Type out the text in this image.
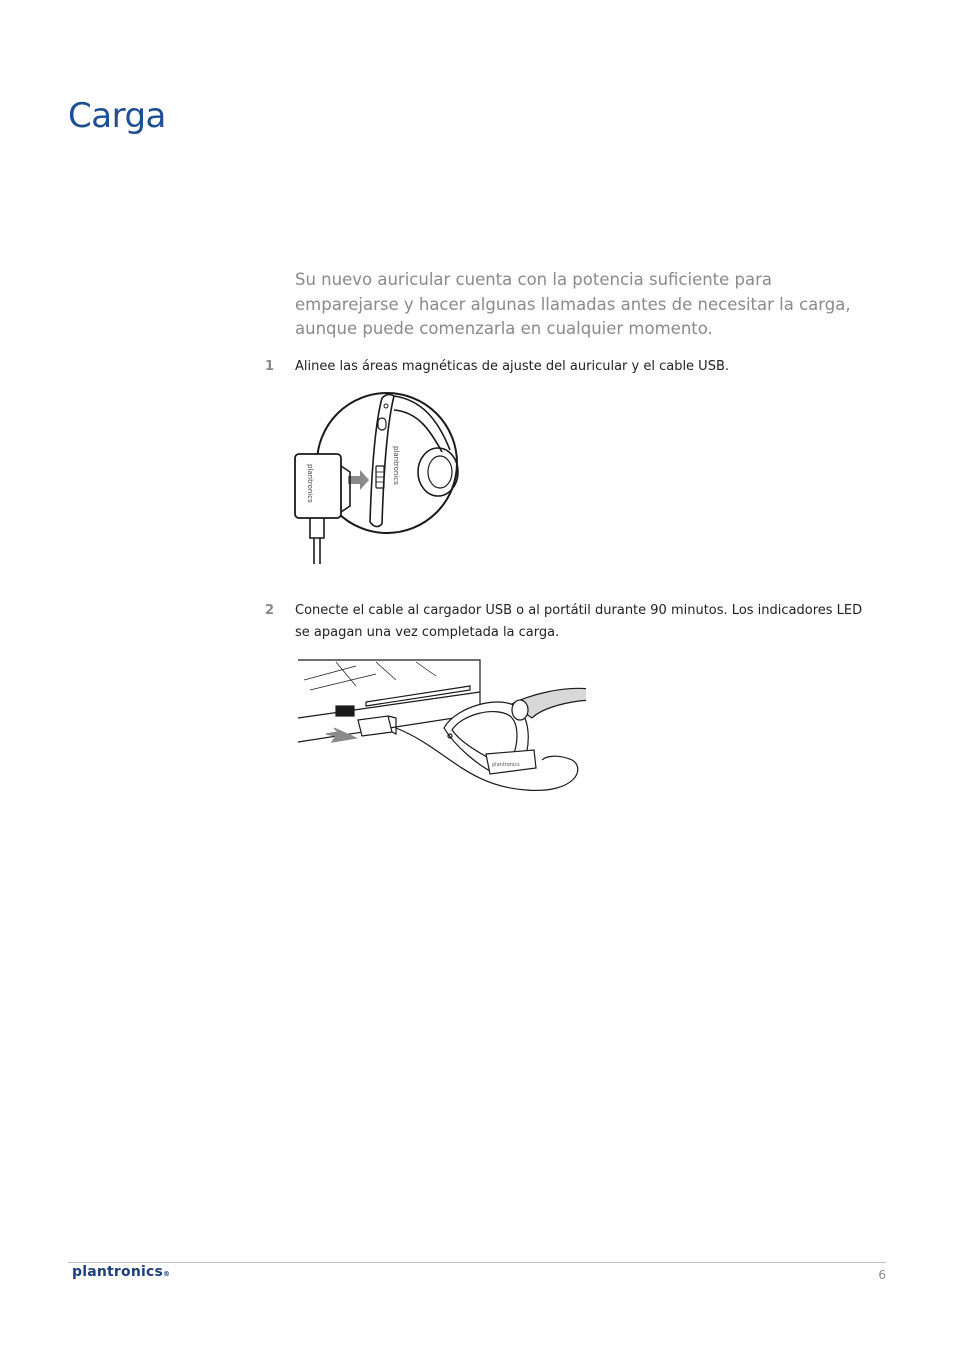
Carga

Su nuevo auricular cuenta con la potencia suficiente para emparejarse y hacer algunas llamadas antes de necesitar la carga, aunque puede comenzarla en cualquier momento.

1 Alinee las áreas magnéticas de ajuste del auricular y el cable USB.
plantronics
plantronics
2 Conecte el cable al cargador USB o al portátil durante 90 minutos. Los indicadores LED se apagan una vez completada la carga.
plantronics
plantronics®	6
